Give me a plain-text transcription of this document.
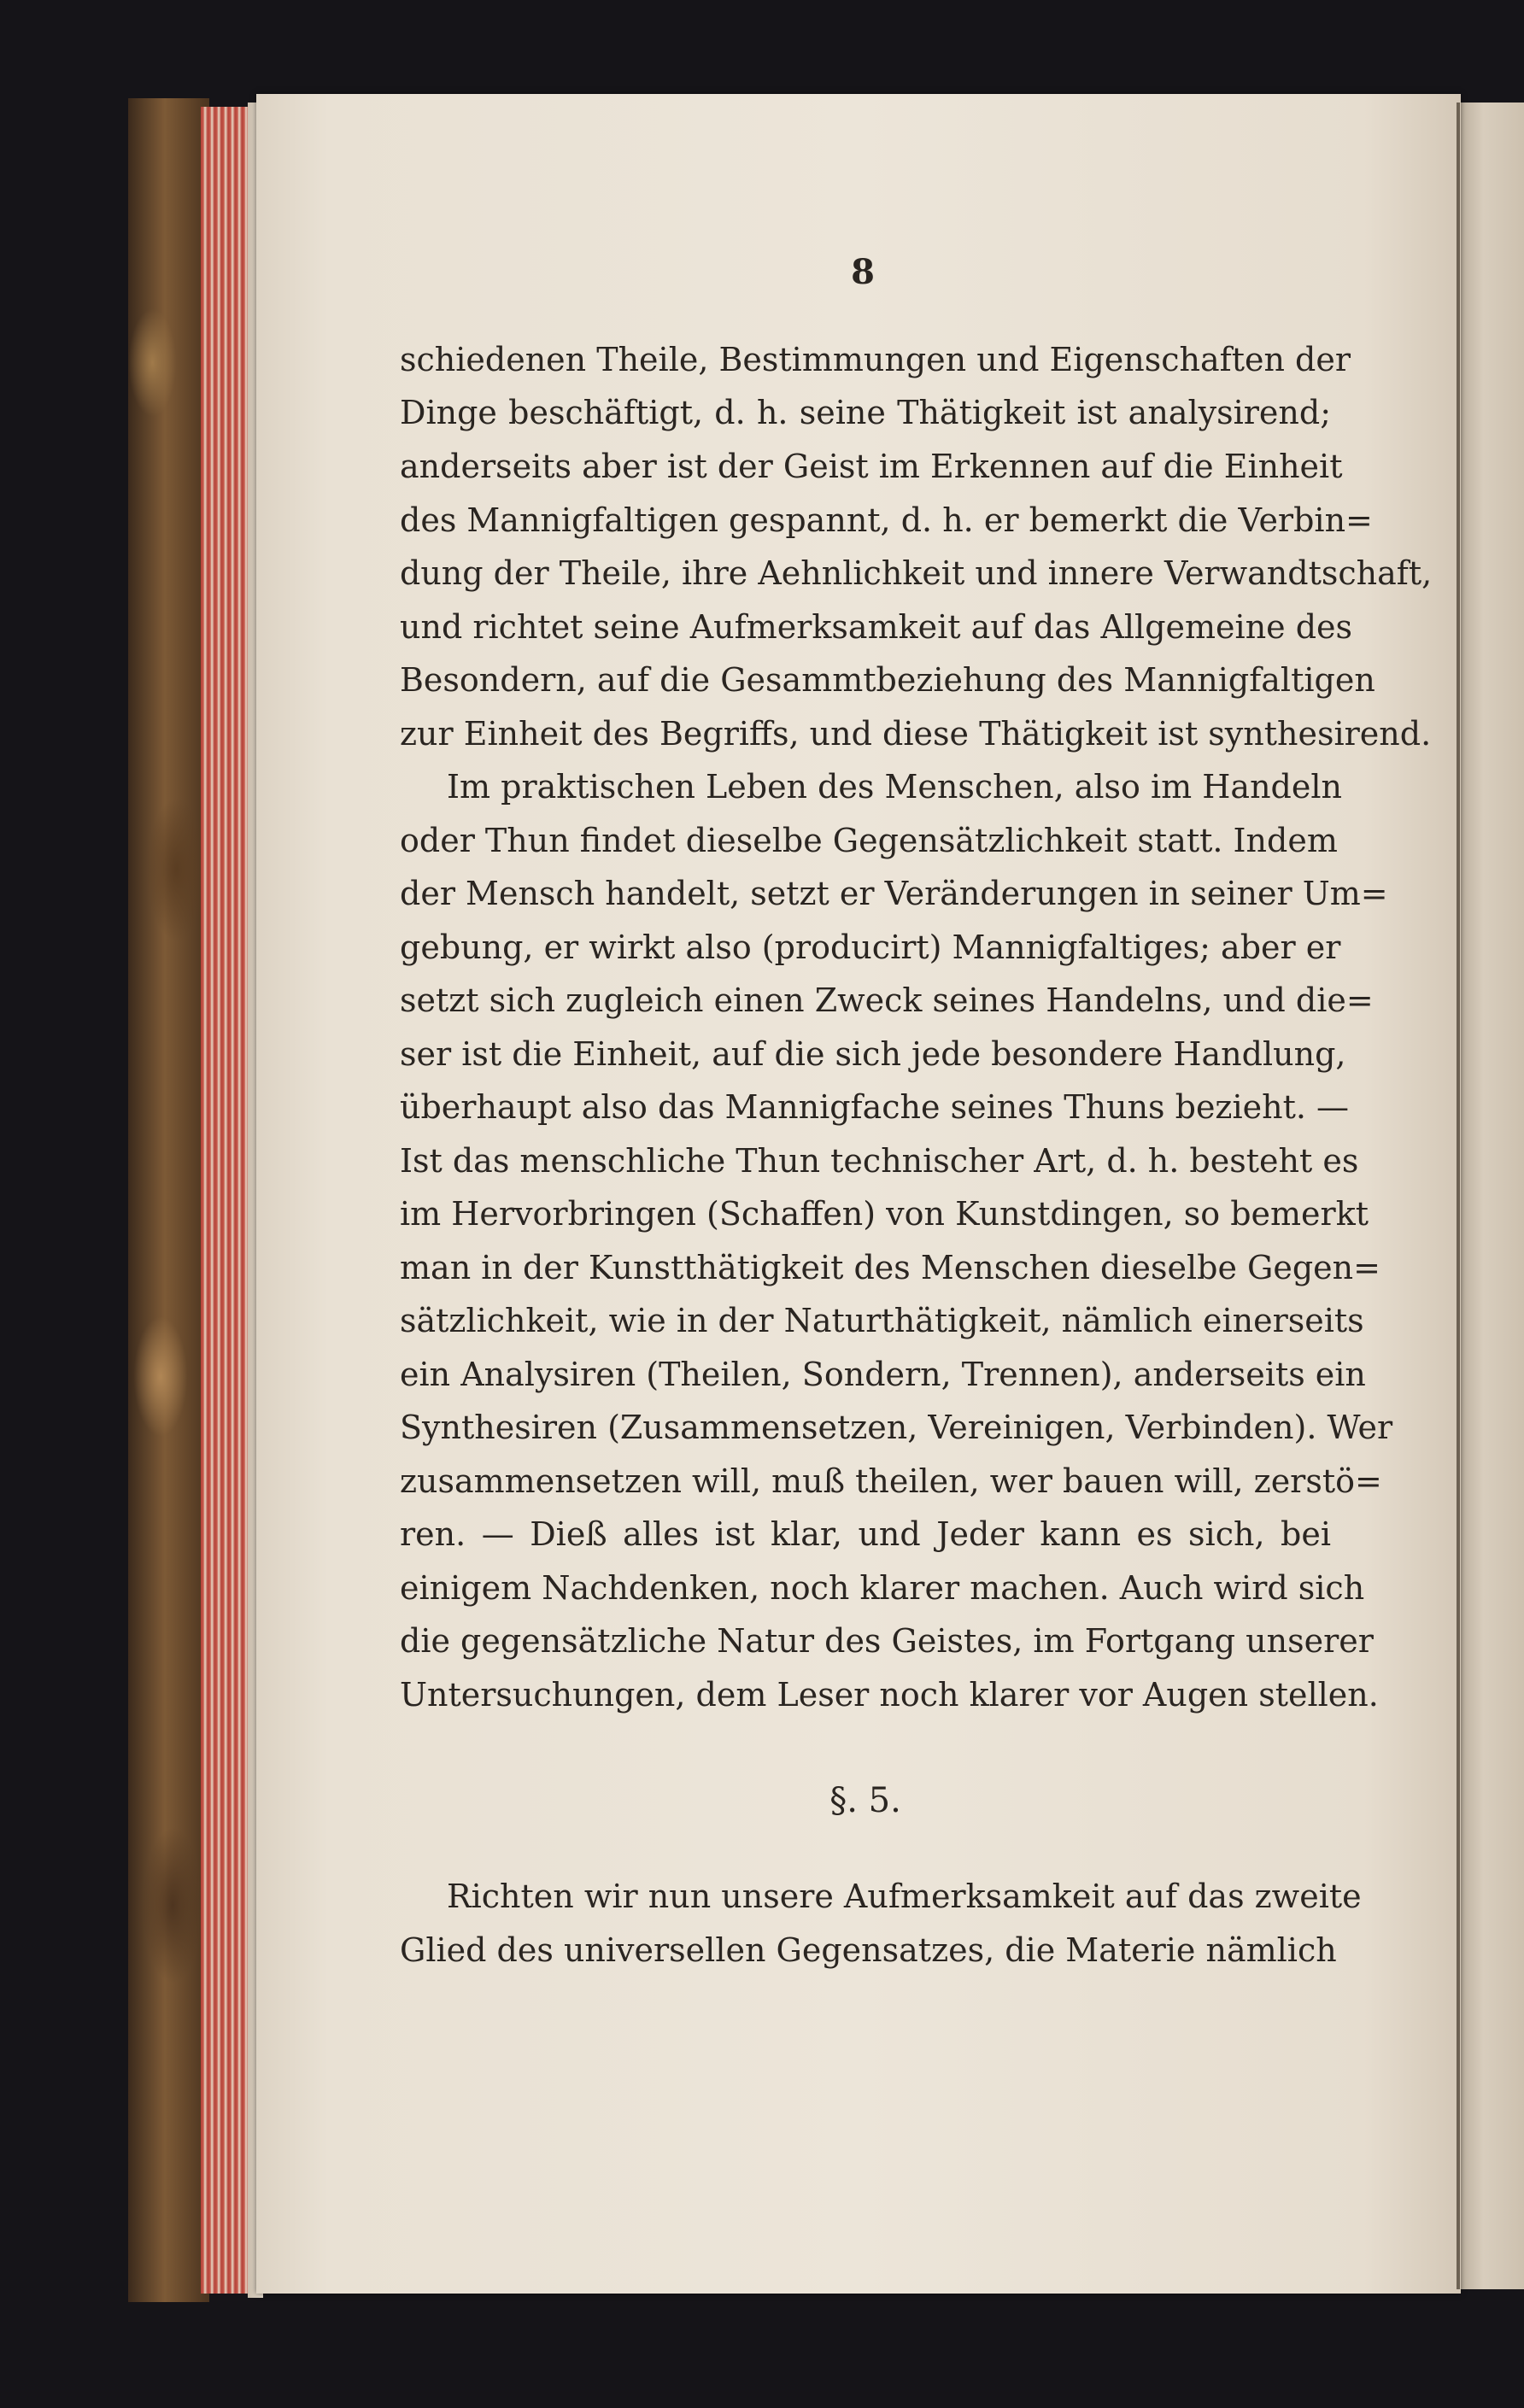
8
schiedenen Theile, Bestimmungen und Eigenschaften der
Dinge beschäftigt, d. h. seine Thätigkeit ist analysirend;
anderseits aber ist der Geist im Erkennen auf die Einheit
des Mannigfaltigen gespannt, d. h. er bemerkt die Verbin=
dung der Theile, ihre Aehnlichkeit und innere Verwandtschaft,
und richtet seine Aufmerksamkeit auf das Allgemeine des
Besondern, auf die Gesammtbeziehung des Mannigfaltigen
zur Einheit des Begriffs, und diese Thätigkeit ist synthesirend.
Im praktischen Leben des Menschen, also im Handeln
oder Thun findet dieselbe Gegensätzlichkeit statt. Indem
der Mensch handelt, setzt er Veränderungen in seiner Um=
gebung, er wirkt also (producirt) Mannigfaltiges; aber er
setzt sich zugleich einen Zweck seines Handelns, und die=
ser ist die Einheit, auf die sich jede besondere Handlung,
überhaupt also das Mannigfache seines Thuns bezieht. —
Ist das menschliche Thun technischer Art, d. h. besteht es
im Hervorbringen (Schaffen) von Kunstdingen, so bemerkt
man in der Kunstthätigkeit des Menschen dieselbe Gegen=
sätzlichkeit, wie in der Naturthätigkeit, nämlich einerseits
ein Analysiren (Theilen, Sondern, Trennen), anderseits ein
Synthesiren (Zusammensetzen, Vereinigen, Verbinden). Wer
zusammensetzen will, muß theilen, wer bauen will, zerstö=
ren. — Dieß alles ist klar, und Jeder kann es sich, bei
einigem Nachdenken, noch klarer machen. Auch wird sich
die gegensätzliche Natur des Geistes, im Fortgang unserer
Untersuchungen, dem Leser noch klarer vor Augen stellen.
§. 5.
Richten wir nun unsere Aufmerksamkeit auf das zweite
Glied des universellen Gegensatzes, die Materie nämlich
